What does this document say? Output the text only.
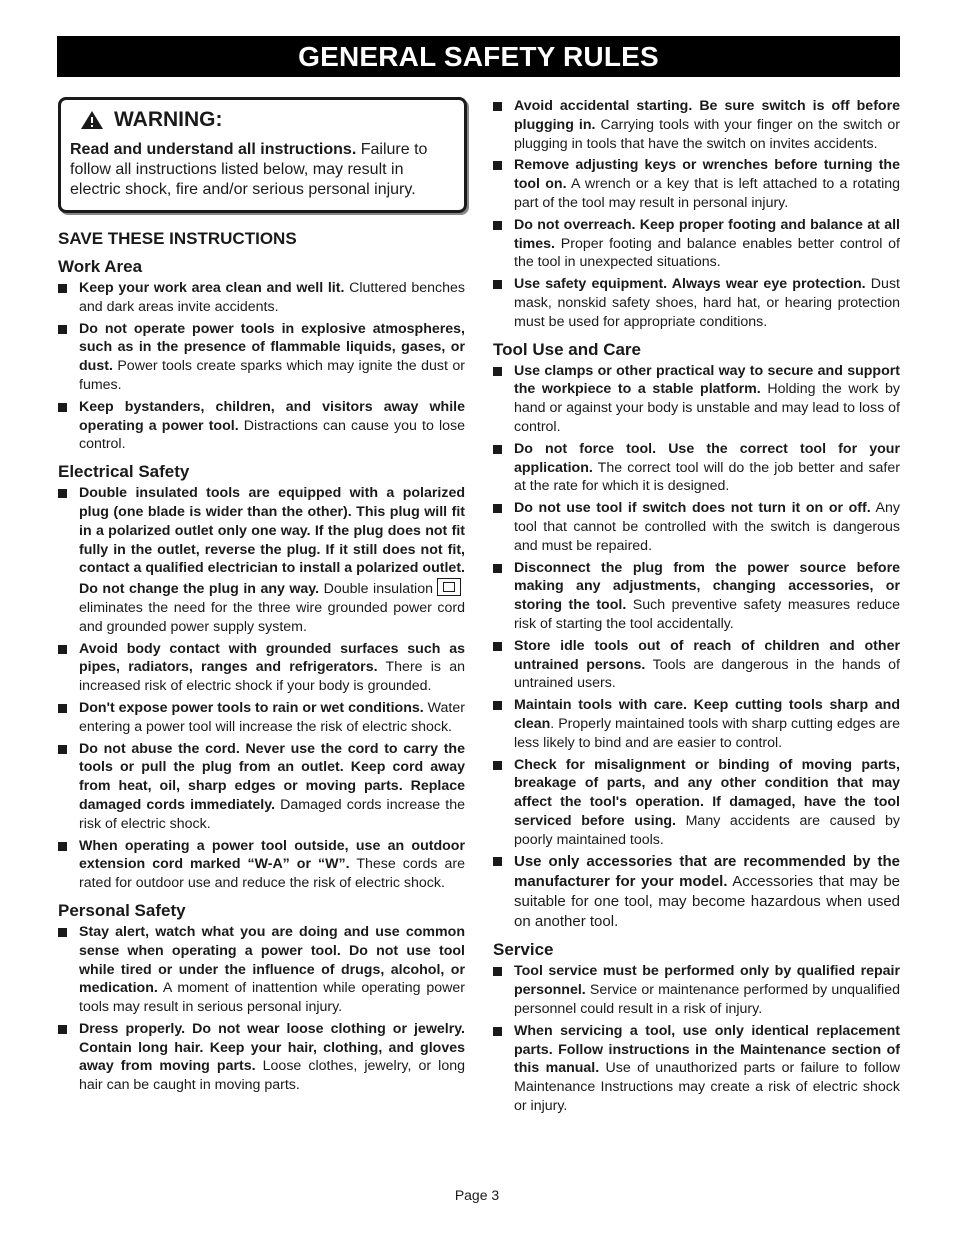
GENERAL SAFETY RULES
WARNING:
Read and understand all instructions. Failure to follow all instructions listed below, may result in electric shock, fire and/or serious personal injury.
SAVE THESE INSTRUCTIONS
Work Area
Keep your work area clean and well lit. Cluttered benches and dark areas invite accidents.
Do not operate power tools in explosive atmospheres, such as in the presence of flammable liquids, gases, or dust. Power tools create sparks which may ignite the dust or fumes.
Keep bystanders, children, and visitors away while operating a power tool. Distractions can cause you to lose control.
Electrical Safety
Double insulated tools are equipped with a polarized plug (one blade is wider than the other). This plug will fit in a polarized outlet only one way. If the plug does not fit fully in the outlet, reverse the plug. If it still does not fit, contact a qualified electrician to install a polarized outlet. Do not change the plug in any way. Double insulation
eliminates the need for the three wire grounded power cord and grounded power supply system.
Avoid body contact with grounded surfaces such as pipes, radiators, ranges and refrigerators. There is an increased risk of electric shock if your body is grounded.
Don't expose power tools to rain or wet conditions. Water entering a power tool will increase the risk of electric shock.
Do not abuse the cord. Never use the cord to carry the tools or pull the plug from an outlet. Keep cord away from heat, oil, sharp edges or moving parts. Replace damaged cords immediately. Damaged cords increase the risk of electric shock.
When operating a power tool outside, use an outdoor extension cord marked “W-A” or “W”. These cords are rated for outdoor use and reduce the risk of electric shock.
Personal Safety
Stay alert, watch what you are doing and use common sense when operating a power tool. Do not use tool while tired or under the influence of drugs, alcohol, or medication. A moment of inattention while operating power tools may result in serious personal injury.
Dress properly. Do not wear loose clothing or jewelry. Contain long hair. Keep your hair, clothing, and gloves away from moving parts. Loose clothes, jewelry, or long hair can be caught in moving parts.
Avoid accidental starting. Be sure switch is off before plugging in. Carrying tools with your finger on the switch or plugging in tools that have the switch on invites accidents.
Remove adjusting keys or wrenches before turning the tool on. A wrench or a key that is left attached to a rotating part of the tool may result in personal injury.
Do not overreach. Keep proper footing and balance at all times. Proper footing and balance enables better control of the tool in unexpected situations.
Use safety equipment. Always wear eye protection. Dust mask, nonskid safety shoes, hard hat, or hearing protection must be used for appropriate conditions.
Tool Use and Care
Use clamps or other practical way to secure and support the workpiece to a stable platform. Holding the work by hand or against your body is unstable and may lead to loss of control.
Do not force tool. Use the correct tool for your application. The correct tool will do the job better and safer at the rate for which it is designed.
Do not use tool if switch does not turn it on or off. Any tool that cannot be controlled with the switch is dangerous and must be repaired.
Disconnect the plug from the power source before making any adjustments, changing accessories, or storing the tool. Such preventive safety measures reduce risk of starting the tool accidentally.
Store idle tools out of reach of children and other untrained persons. Tools are dangerous in the hands of untrained users.
Maintain tools with care. Keep cutting tools sharp and clean. Properly maintained tools with sharp cutting edges are less likely to bind and are easier to control.
Check for misalignment or binding of moving parts, breakage of parts, and any other condition that may affect the tool's operation. If damaged, have the tool serviced before using. Many accidents are caused by poorly maintained tools.
Use only accessories that are recommended by the manufacturer for your model. Accessories that may be suitable for one tool, may become hazardous when used on another tool.
Service
Tool service must be performed only by qualified repair personnel. Service or maintenance performed by unqualified personnel could result in a risk of injury.
When servicing a tool, use only identical replacement parts. Follow instructions in the Maintenance section of this manual. Use of unauthorized parts or failure to follow Maintenance Instructions may create a risk of electric shock or injury.
Page 3
